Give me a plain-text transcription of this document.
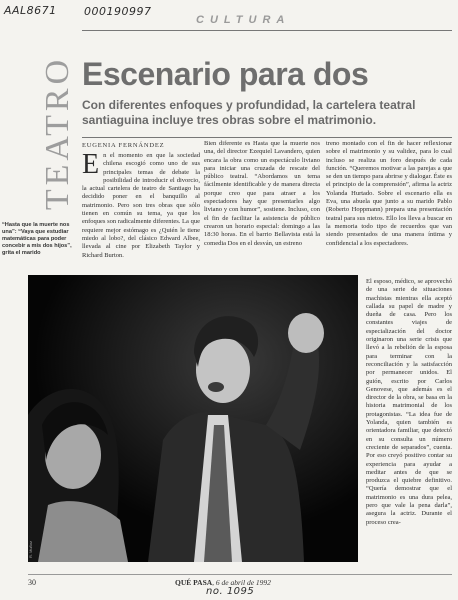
AAL8671 000190997
CULTURA
TEATRO Escenario para dos
Con diferentes enfoques y profundidad, la cartelera teatral santiaguina incluye tres obras sobre el matrimonio.
EUGENIA FERNÁNDEZ
E n el momento en que la sociedad chilena escogió como uno de sus principales temas de debate la posibilidad de introducir el divorcio, la actual cartelera de teatro de Santiago ha decidido poner en el banquillo al matrimonio. Pero son tres obras que sólo tienen en común su tema, ya que los enfoques son radicalmente diferentes. La que requiere mejor estómago es ¿Quién le tiene miedo al lobo?, del clásico Edward Albee, llevada al cine por Elizabeth Taylor y Richard Burton.

Bien diferente es Hasta que la muerte nos una, del director Ezequiel Lavandero, quien encara la obra como un espectáculo liviano para iniciar una cruzada de rescate del público teatral. “Abordamos un tema fácilmente identificable y de manera directa porque creo que para atraer a los espectadores hay que presentarles algo liviano y con humor”, sostiene. Incluso, con el fin de facilitar la asistencia de público crearon un horario especial: domingo a las 18:30 horas. En el barrio Bellavista está la comedia Dos en el desván, un estreno

treno montado con el fin de hacer reflexionar sobre el matrimonio y su validez, para lo cual incluso se realiza un foro después de cada función. “Queremos motivar a las parejas a que se den un tiempo para abrirse y dialogar. Éste es el principio de la comprensión”, afirma la actriz Yolanda Hurtado. Sobre el escenario ella es Eva, una abuela que junto a su marido Pablo (Roberto Hoppmann) prepara una presentación teatral para sus nietos. Ello los lleva a buscar en la memoria todo tipo de recuerdos que van siendo presentados de una manera íntima y confidencial a los espectadores.

“Hasta que la muerte nos una”: “Vaya que estudiar matemáticas para poder concebir a mis dos hijos”, grita el marido
R. Muñoz

El esposo, médico, se aprovechó de una serie de situaciones machistas mientras ella aceptó callada su papel de madre y dueña de casa. Pero los constantes viajes de especialización del doctor originaron una serie crisis que llevó a la rebelión de la esposa para terminar con la reconciliación y la satisfacción por permanecer unidos. El guión, escrito por Carlos Genovese, que además es el director de la obra, se basa en la historia matrimonial de los protagonistas. “La idea fue de Yolanda, quien también es orientadora familiar, que detectó en su consulta un número creciente de separados”, cuenta. Por eso creyó positivo contar su experiencia para ayudar a meditar antes de que se produzca el quiebre definitivo. “Quería demostrar que el matrimonio es una dura pelea, pero que vale la pena darla”, asegura la actriz. Durante el proceso crea-

30	QUÉ PASA, 6 de abril de 1992
no. 1095
